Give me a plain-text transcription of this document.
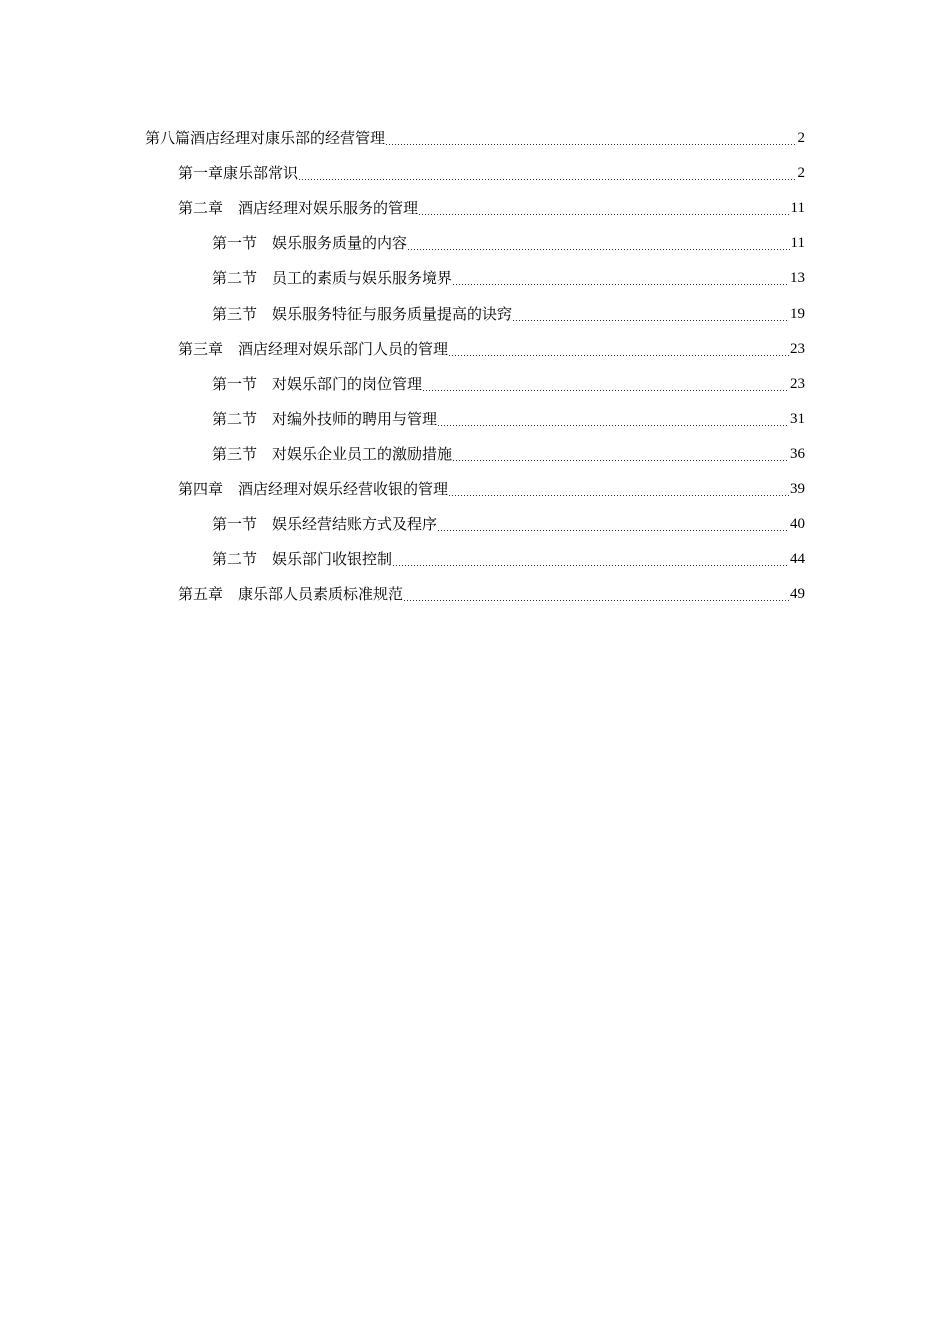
第八篇酒店经理对康乐部的经营管理	2
第一章康乐部常识	2
第二章　酒店经理对娱乐服务的管理	11
第一节　娱乐服务质量的内容	11
第二节　员工的素质与娱乐服务境界	13
第三节　娱乐服务特征与服务质量提高的诀窍	19
第三章　酒店经理对娱乐部门人员的管理	23
第一节　对娱乐部门的岗位管理	23
第二节　对编外技师的聘用与管理	31
第三节　对娱乐企业员工的激励措施	36
第四章　酒店经理对娱乐经营收银的管理	39
第一节　娱乐经营结账方式及程序	40
第二节　娱乐部门收银控制	44
第五章　康乐部人员素质标准规范	49
